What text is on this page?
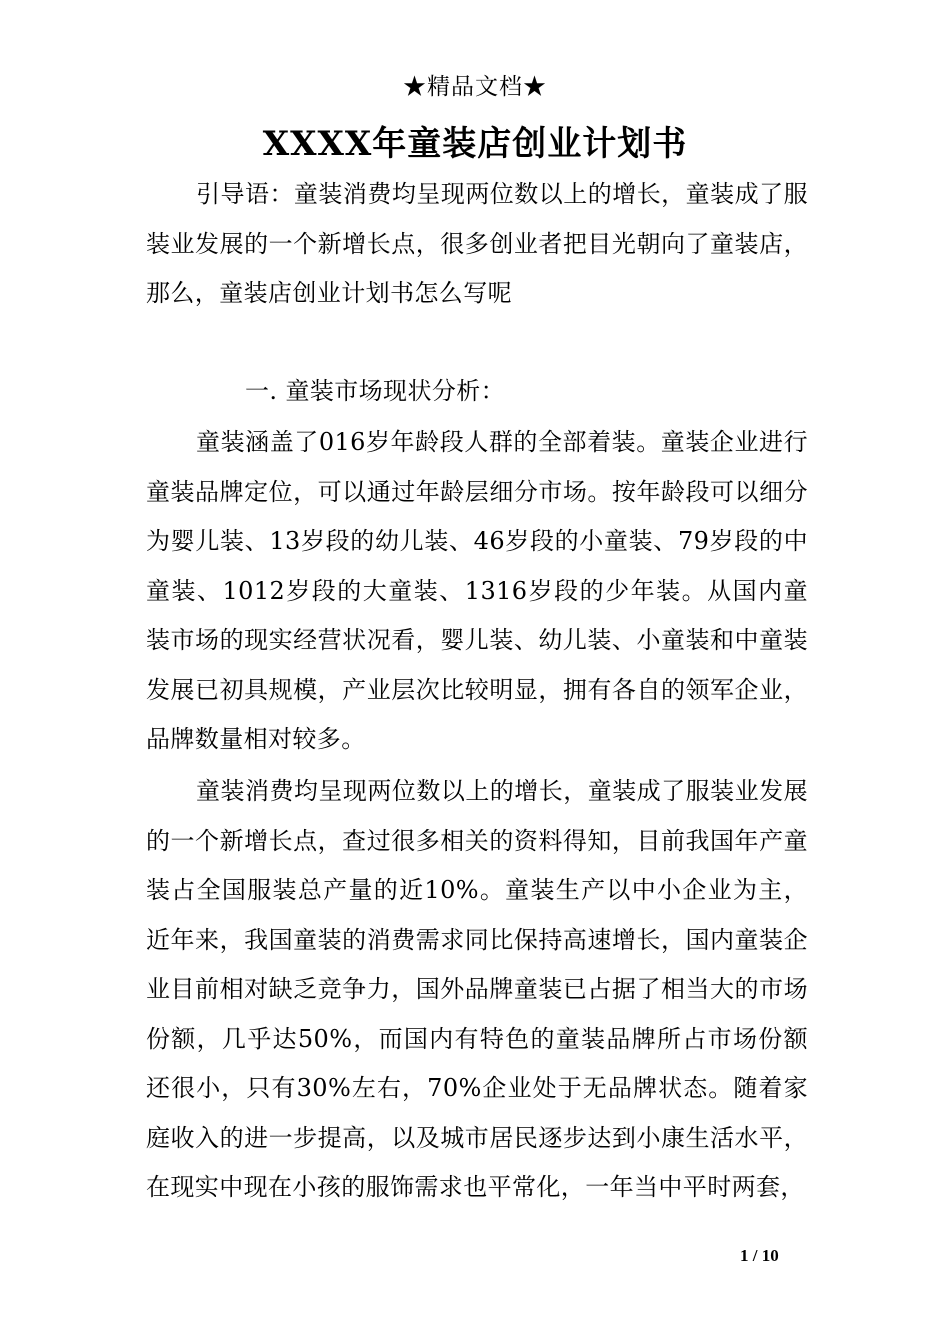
★精品文档★
XXXX年童装店创业计划书
引导语：童装消费均呈现两位数以上的增长，童装成了服装业发展的一个新增长点，很多创业者把目光朝向了童装店，那么，童装店创业计划书怎么写呢
一. 童装市场现状分析：
童装涵盖了016岁年龄段人群的全部着装。童装企业进行童装品牌定位，可以通过年龄层细分市场。按年龄段可以细分为婴儿装、13岁段的幼儿装、46岁段的小童装、79岁段的中童装、1012岁段的大童装、1316岁段的少年装。从国内童装市场的现实经营状况看，婴儿装、幼儿装、小童装和中童装发展已初具规模，产业层次比较明显，拥有各自的领军企业，品牌数量相对较多。
童装消费均呈现两位数以上的增长，童装成了服装业发展的一个新增长点，查过很多相关的资料得知，目前我国年产童装占全国服装总产量的近10%。童装生产以中小企业为主，近年来，我国童装的消费需求同比保持高速增长，国内童装企业目前相对缺乏竞争力，国外品牌童装已占据了相当大的市场份额，几乎达50%，而国内有特色的童装品牌所占市场份额还很小，只有30%左右，70%企业处于无品牌状态。随着家庭收入的进一步提高，以及城市居民逐步达到小康生活水平，在现实中现在小孩的服饰需求也平常化，一年当中平时两套，
1 / 10
